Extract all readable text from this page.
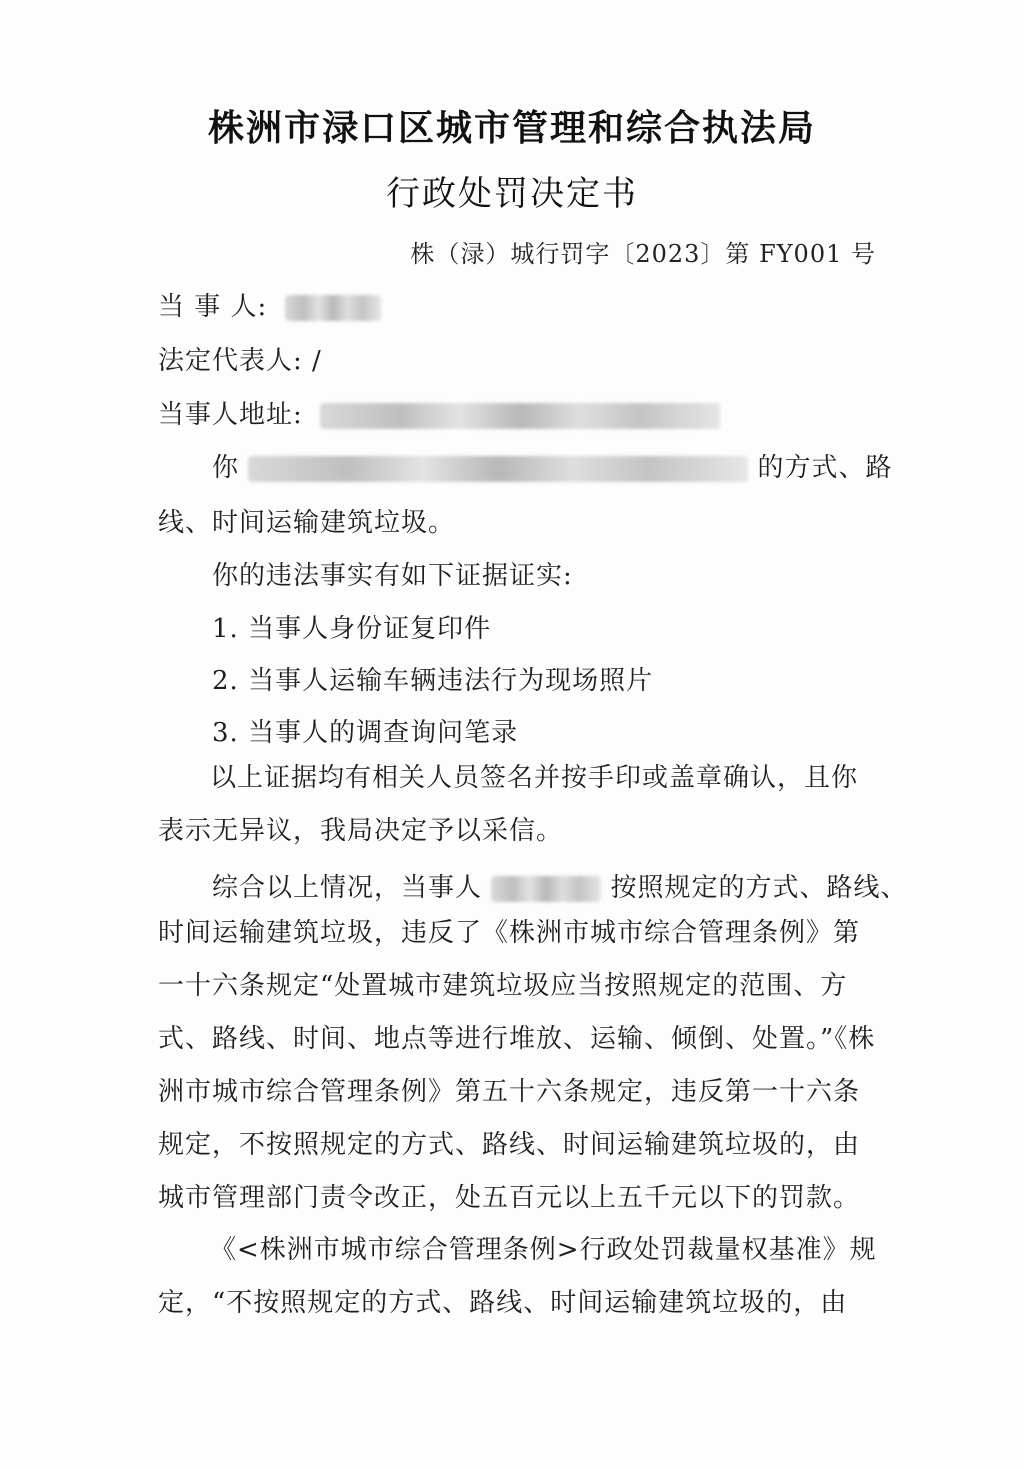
株洲市渌口区城市管理和综合执法局
行政处罚决定书
株（渌）城行罚字〔2023〕第 FY001 号
当 事 人:
法定代表人: /
当事人地址:
你	的方式、路
线、时间运输建筑垃圾。
你的违法事实有如下证据证实:
1. 当事人身份证复印件
2. 当事人运输车辆违法行为现场照片
3. 当事人的调查询问笔录
以上证据均有相关人员签名并按手印或盖章确认，且你表示无异议，我局决定予以采信。
综合以上情况，当事人	按照规定的方式、路线、
时间运输建筑垃圾，违反了《株洲市城市综合管理条例》第一十六条规定“处置城市建筑垃圾应当按照规定的范围、方式、路线、时间、地点等进行堆放、运输、倾倒、处置。”《株洲市城市综合管理条例》第五十六条规定，违反第一十六条规定，不按照规定的方式、路线、时间运输建筑垃圾的，由城市管理部门责令改正，处五百元以上五千元以下的罚款。
《<株洲市城市综合管理条例>行政处罚裁量权基准》规定，“不按照规定的方式、路线、时间运输建筑垃圾的，由
